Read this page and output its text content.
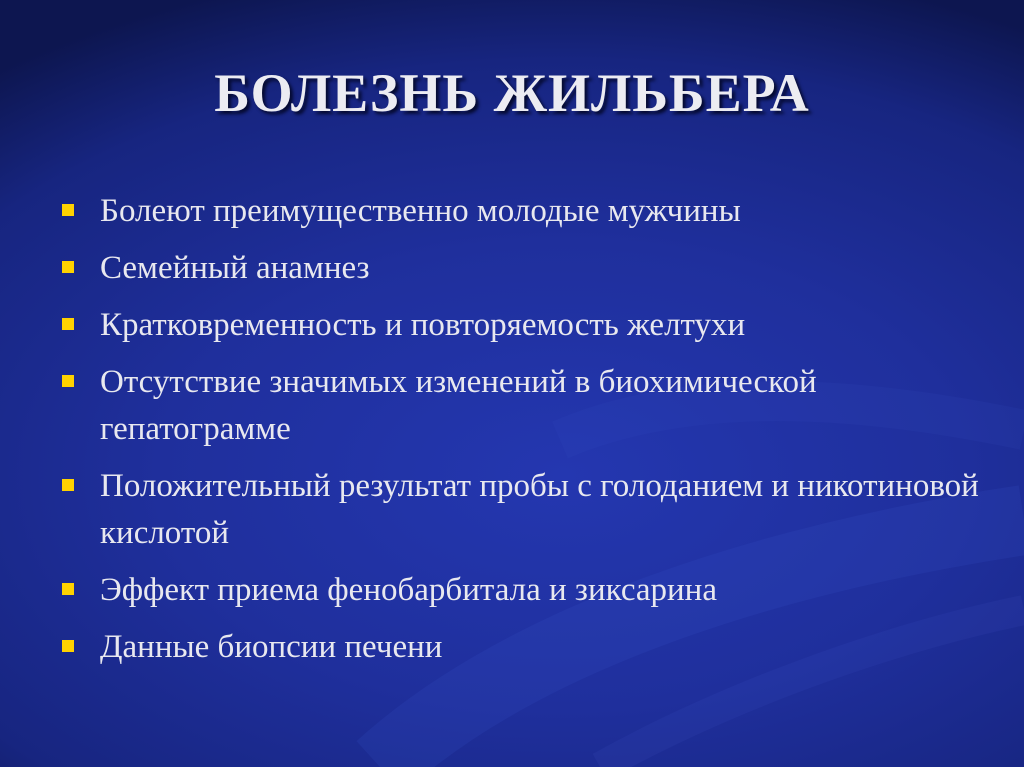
БОЛЕЗНЬ ЖИЛЬБЕРА
Болеют преимущественно молодые мужчины
Семейный анамнез
Кратковременность и повторяемость желтухи
Отсутствие значимых изменений в биохимической гепатограмме
Положительный результат пробы с голоданием и никотиновой кислотой
Эффект приема фенобарбитала и зиксарина
Данные биопсии печени
